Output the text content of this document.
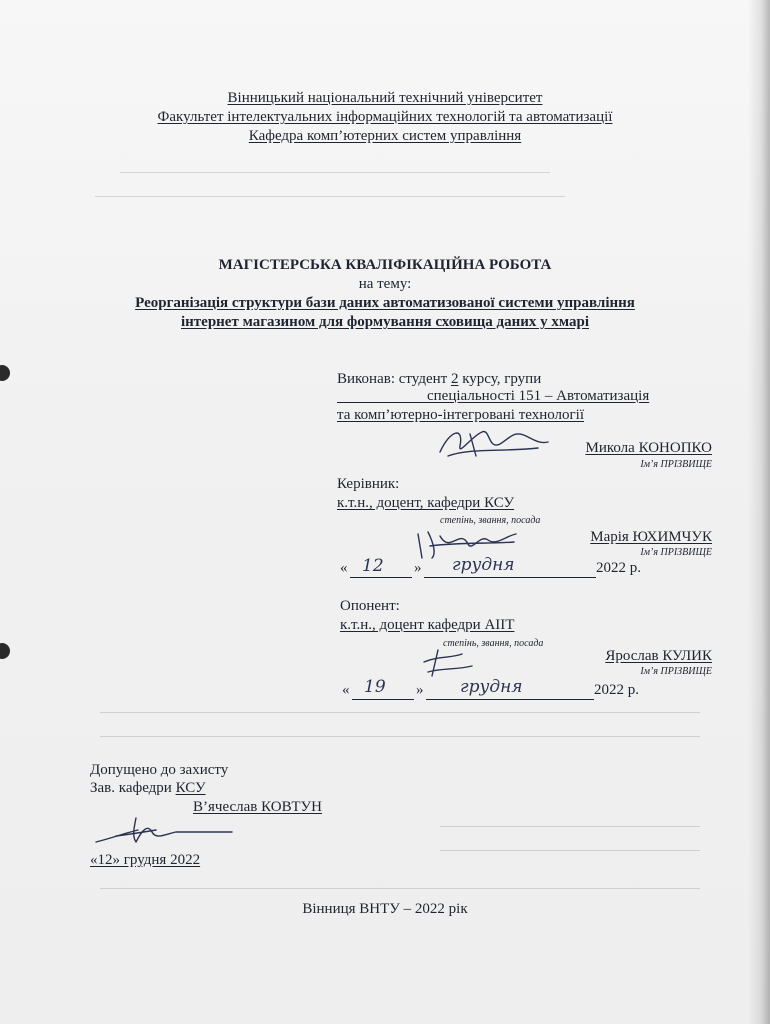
Вінницький національний технічний університет
Факультет інтелектуальних інформаційних технологій та автоматизації
Кафедра комп’ютерних систем управління
МАГІСТЕРСЬКА КВАЛІФІКАЦІЙНА РОБОТА
на тему:
Реорганізація структури бази даних автоматизованої системи управління
інтернет магазином для формування сховища даних у хмарі
Виконав: студент 2 курсу, групи
спеціальності 151 – Автоматизація
та комп’ютерно-інтегровані технології
Микола КОНОПКО
Ім’я ПРІЗВИЩЕ
Керівник:
к.т.н., доцент, кафедри КСУ
степінь, звання, посада
Марія ЮХИМЧУК
Ім’я ПРІЗВИЩЕ
« 12 » грудня	2022 р.
Опонент:
к.т.н., доцент кафедри АІІТ
степінь, звання, посада
Ярослав КУЛИК
Ім’я ПРІЗВИЩЕ
« 19 » грудня	2022 р.
Допущено до захисту
Зав. кафедри КСУ
В’ячеслав КОВТУН
«12» грудня 2022
Вінниця ВНТУ – 2022 рік
